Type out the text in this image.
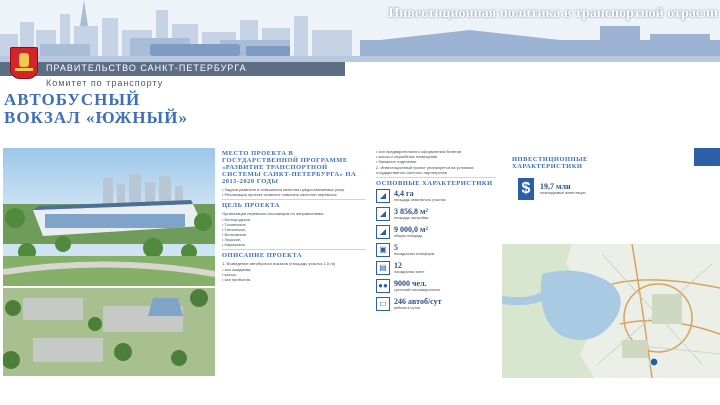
Инвестиционная политика в транспортной отрасли
ПРАВИТЕЛЬСТВО САНКТ-ПЕТЕРБУРГА
Комитет по транспорту
АВТОБУСНЫЙ
ВОКЗАЛ «ЮЖНЫЙ»
МЕСТО ПРОЕКТА В ГОСУДАРСТВЕННОЙ ПРОГРАММЕ «РАЗВИТИЕ ТРАНСПОРТНОЙ СИСТЕМЫ САНКТ-ПЕТЕРБУРГА» НА 2015-2020 ГОДЫ
• Задача развития и повышения качества предоставляемых услуг
• Реализация проекта позволит повысить качество перевозок
ЦЕЛЬ ПРОЕКТА
Организация перевозок пассажиров по направлениям:
• Белгородское,
• Тосненское,
• Гатчинское,
• Волховское,
• Лужское,
• Киришское.
ОПИСАНИЕ ПРОЕКТА
1. Возведение автобусного вокзала (площадь участка 1,5 га)
• зал ожидания;
• кассы;
• зал прибытия.
• зал предварительного оформления билетов
• кассы и служебные помещения
• багажное отделение
2. Инвестиционный проект реализуется на условиях государственно-частного партнерства
ОСНОВНЫЕ ХАРАКТЕРИСТИКИ
◢ 4,4 га
площадь земельного участка
◢ 3 856,8 м²
площадь застройки
◢ 9 000,0 м²
общая площадь
▣ 5
посадочных платформ
▤ 12
посадочных мест
●● 9000 чел.
суточный пассажиропоток
▭ 246 автоб/сут
рейсов в сутки
ИНВЕСТИЦИОННЫЕ ХАРАКТЕРИСТИКИ
$	19,7 млн
планируемые инвестиции
